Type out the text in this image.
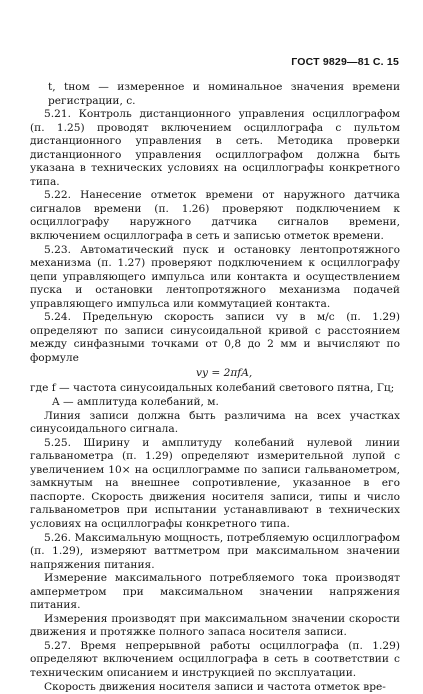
ГОСТ 9829—81 С. 15

t, tном — измеренное и номинальное значения времени регистрации, с.

5.21. Контроль дистанционного управления осциллографом (п. 1.25) проводят включением осциллографа с пультом дистанционного управления в сеть. Методика проверки дистанционного управления осциллографом должна быть указана в технических условиях на осциллографы конкретного типа.

5.22. Нанесение отметок времени от наружного датчика сигналов времени (п. 1.26) проверяют подключением к осциллографу наружного датчика сигналов времени, включением осциллографа в сеть и записью отметок времени.

5.23. Автоматический пуск и остановку лентопротяжного механизма (п. 1.27) проверяют подключением к осциллографу цепи управляющего импульса или контакта и осуществлением пуска и остановки лентопротяжного механизма подачей управляющего импульса или коммутацией контакта.

5.24. Предельную скорость записи vy в м/с (п. 1.29) определяют по записи синусоидальной кривой с расстоянием между синфазными точками от 0,8 до 2 мм и вычисляют по формуле

vy = 2πfA,

где f — частота синусоидальных колебаний светового пятна, Гц;
A — амплитуда колебаний, м.

Линия записи должна быть различима на всех участках синусоидального сигнала.

5.25. Ширину и амплитуду колебаний нулевой линии гальванометра (п. 1.29) определяют измерительной лупой с увеличением 10× на осциллограмме по записи гальванометром, замкнутым на внешнее сопротивление, указанное в его паспорте. Скорость движения носителя записи, типы и число гальванометров при испытании устанавливают в технических условиях на осциллографы конкретного типа.

5.26. Максимальную мощность, потребляемую осциллографом (п. 1.29), измеряют ваттметром при максимальном значении напряжения питания.

Измерение максимального потребляемого тока производят амперметром при максимальном значении напряжения питания.

Измерения производят при максимальном значении скорости движения и протяжке полного запаса носителя записи.

5.27. Время непрерывной работы осциллографа (п. 1.29) определяют включением осциллографа в сеть в соответствии с техническим описанием и инструкцией по эксплуатации.

Скорость движения носителя записи и частота отметок вре-
